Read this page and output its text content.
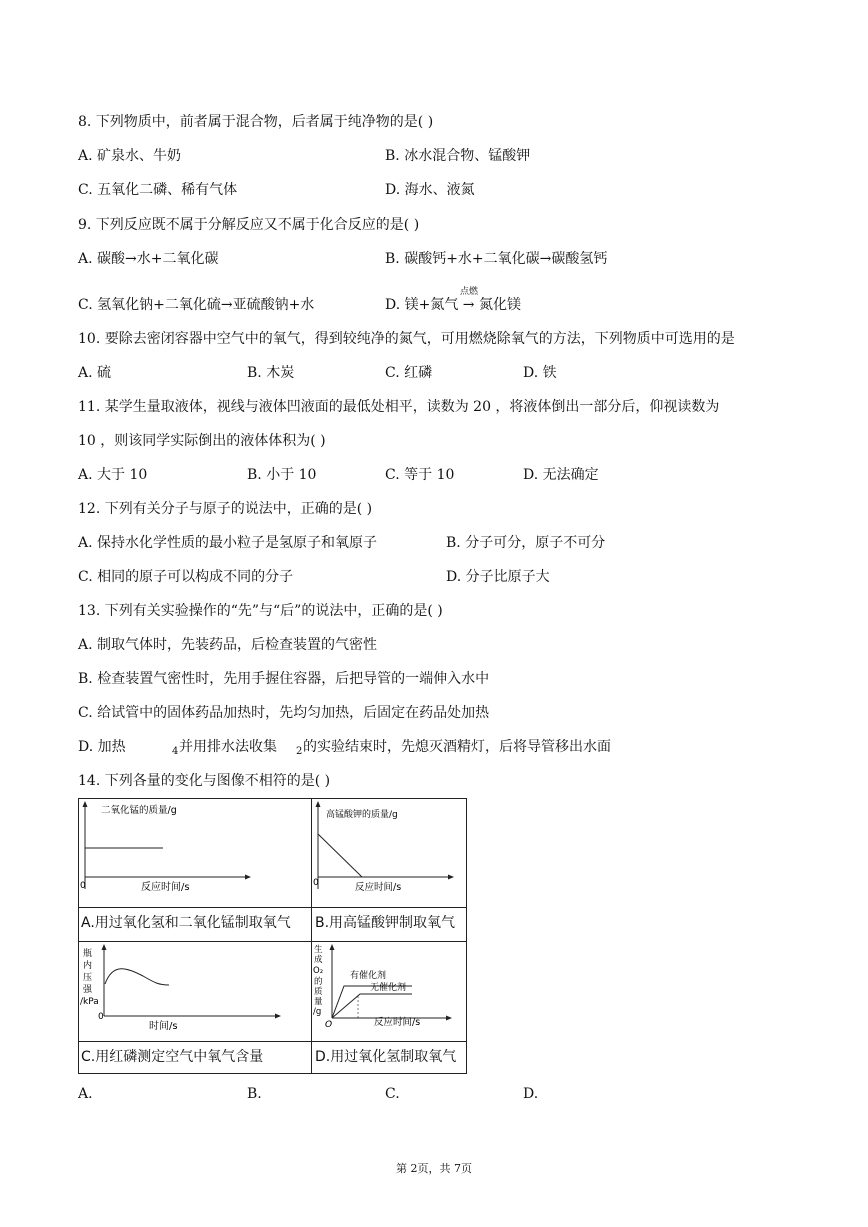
8. 下列物质中，前者属于混合物，后者属于纯净物的是( )
A. 矿泉水、牛奶	B. 冰水混合物、锰酸钾
C. 五氧化二磷、稀有气体	D. 海水、液氮
9. 下列反应既不属于分解反应又不属于化合反应的是( )
A. 碳酸→水+二氧化碳	B. 碳酸钙+水+二氧化碳→碳酸氢钙
C. 氢氧化钠+二氧化硫→亚硫酸钠+水
点燃
D. 镁+氮气 → 氮化镁
10. 要除去密闭容器中空气中的氧气，得到较纯净的氮气，可用燃烧除氧气的方法，下列物质中可选用的是
A. 硫	B. 木炭	C. 红磷	D. 铁
11. 某学生量取液体，视线与液体凹液面的最低处相平，读数为 20 ，将液体倒出一部分后，仰视读数为
10 ，则该同学实际倒出的液体体积为( )
A. 大于 10	B. 小于 10	C. 等于 10	D. 无法确定
12. 下列有关分子与原子的说法中，正确的是( )
A. 保持水化学性质的最小粒子是氢原子和氧原子	B. 分子可分，原子不可分
C. 相同的原子可以构成不同的分子	D. 分子比原子大
13. 下列有关实验操作的“先”与“后”的说法中，正确的是( )
A. 制取气体时，先装药品，后检查装置的气密性
B. 检查装置气密性时，先用手握住容器，后把导管的一端伸入水中
C. 给试管中的固体药品加热时，先均匀加热，后固定在药品处加热
D. 加热	4 并用排水法收集 2 的实验结束时，先熄灭酒精灯，后将导管移出水面
14. 下列各量的变化与图像不相符的是( )
二氧化锰的质量/g
0	反应时间/s
高锰酸钾的质量/g
0	反应时间/s
A.用过氧化氢和二氧化锰制取氧气 B.用高锰酸钾制取氧气
瓶 内 压 强 /kPa
0
时间/s
有催化剂
无催化剂
生 成 O₂ 的 质 量 /g
O	反应时间/s
C.用红磷测定空气中氧气含量	D.用过氧化氢制取氧气
A.	B.	C.	D.
第 2页，共 7页
